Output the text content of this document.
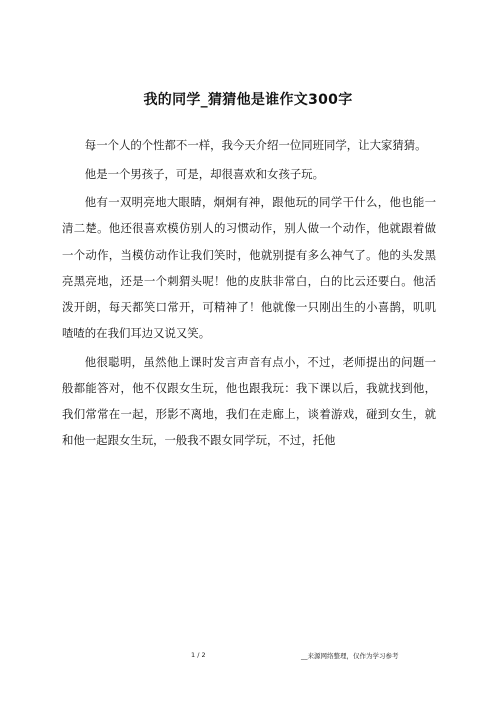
我的同学_猜猜他是谁作文300字

每一个人的个性都不一样，我今天介绍一位同班同学，让大家猜猜。

他是一个男孩子，可是，却很喜欢和女孩子玩。

他有一双明亮地大眼睛，炯炯有神，跟他玩的同学干什么，他也能一清二楚。他还很喜欢模仿别人的习惯动作，别人做一个动作，他就跟着做一个动作，当模仿动作让我们笑时，他就别提有多么神气了。他的头发黑亮黑亮地，还是一个刺猬头呢！他的皮肤非常白，白的比云还要白。他活泼开朗，每天都笑口常开，可精神了！他就像一只刚出生的小喜鹊，叽叽喳喳的在我们耳边又说又笑。

他很聪明，虽然他上课时发言声音有点小，不过，老师提出的问题一般都能答对，他不仅跟女生玩，他也跟我玩：我下课以后，我就找到他，我们常常在一起，形影不离地，我们在走廊上，谈着游戏，碰到女生，就和他一起跟女生玩，一般我不跟女同学玩，不过，托他

1 / 2	__来源网络整理，仅作为学习参考
